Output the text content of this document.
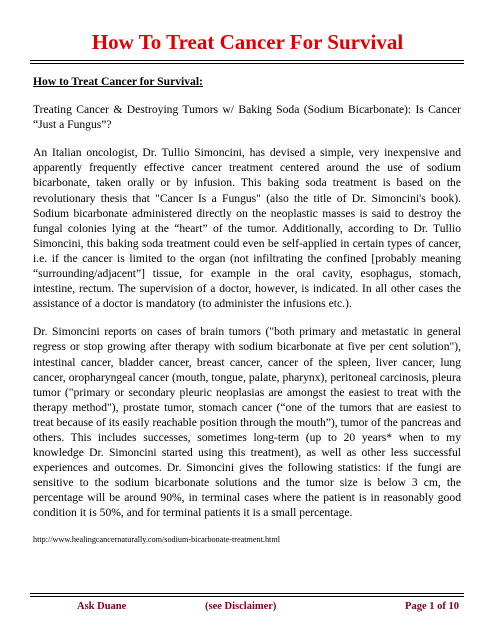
How To Treat Cancer For Survival
How to Treat Cancer for Survival:

Treating Cancer & Destroying Tumors w/ Baking Soda (Sodium Bicarbonate): Is Cancer “Just a Fungus”?

An Italian oncologist, Dr. Tullio Simoncini, has devised a simple, very inexpensive and apparently frequently effective cancer treatment centered around the use of sodium bicarbonate, taken orally or by infusion. This baking soda treatment is based on the revolutionary thesis that "Cancer Is a Fungus" (also the title of Dr. Simoncini's book). Sodium bicarbonate administered directly on the neoplastic masses is said to destroy the fungal colonies lying at the “heart” of the tumor. Additionally, according to Dr. Tullio Simoncini, this baking soda treatment could even be self-applied in certain types of cancer, i.e. if the cancer is limited to the organ (not infiltrating the confined [probably meaning “surrounding/adjacent”] tissue, for example in the oral cavity, esophagus, stomach, intestine, rectum. The supervision of a doctor, however, is indicated. In all other cases the assistance of a doctor is mandatory (to administer the infusions etc.).

Dr. Simoncini reports on cases of brain tumors ("both primary and metastatic in general regress or stop growing after therapy with sodium bicarbonate at five per cent solution"), intestinal cancer, bladder cancer, breast cancer, cancer of the spleen, liver cancer, lung cancer, oropharyngeal cancer (mouth, tongue, palate, pharynx), peritoneal carcinosis, pleura tumor ("primary or secondary pleuric neoplasias are amongst the easiest to treat with the therapy method"), prostate tumor, stomach cancer (“one of the tumors that are easiest to treat because of its easily reachable position through the mouth”), tumor of the pancreas and others. This includes successes, sometimes long-term (up to 20 years* when to my knowledge Dr. Simoncini started using this treatment), as well as other less successful experiences and outcomes. Dr. Simoncini gives the following statistics: if the fungi are sensitive to the sodium bicarbonate solutions and the tumor size is below 3 cm, the percentage will be around 90%, in terminal cases where the patient is in reasonably good condition it is 50%, and for terminal patients it is a small percentage.

http://www.healingcancernaturally.com/sodium-bicarbonate-treatment.html
Ask Duane	(see Disclaimer)	Page 1 of 10
